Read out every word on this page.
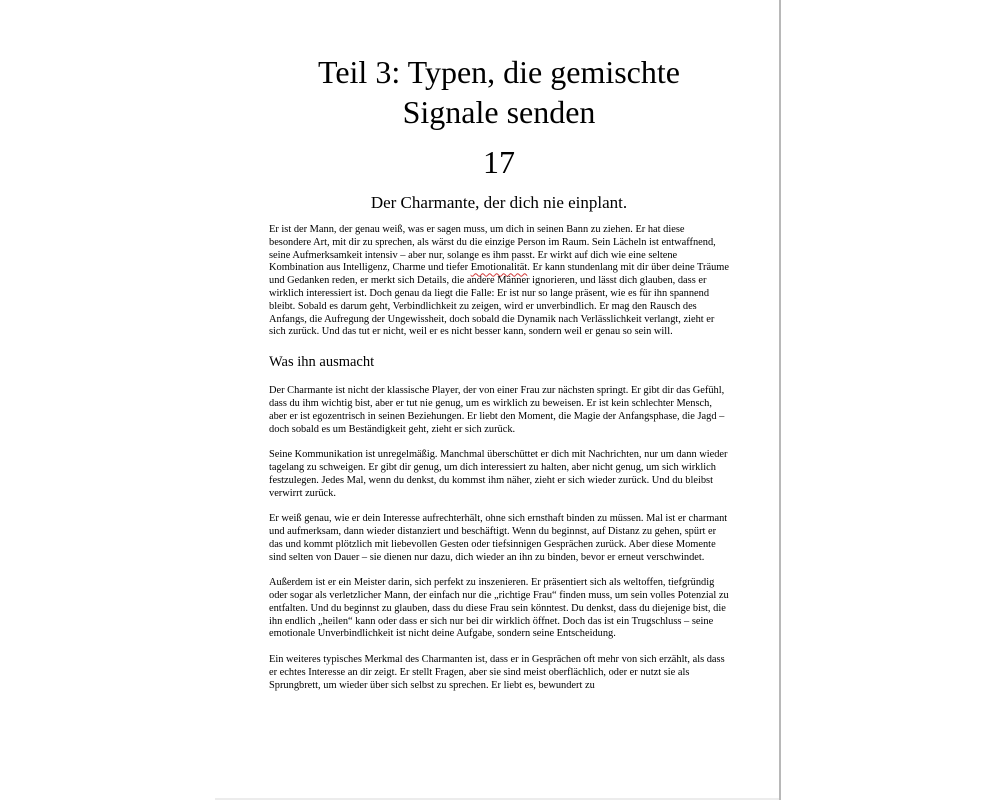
Teil 3: Typen, die gemischte
Signale senden
17
Der Charmante, der dich nie einplant.

Er ist der Mann, der genau weiß, was er sagen muss, um dich in seinen Bann zu ziehen. Er hat diese besondere Art, mit dir zu sprechen, als wärst du die einzige Person im Raum. Sein Lächeln ist entwaffnend, seine Aufmerksamkeit intensiv – aber nur, solange es ihm passt. Er wirkt auf dich wie eine seltene Kombination aus Intelligenz, Charme und tiefer Emotionalität. Er kann stundenlang mit dir über deine Träume und Gedanken reden, er merkt sich Details, die andere Männer ignorieren, und lässt dich glauben, dass er wirklich interessiert ist. Doch genau da liegt die Falle: Er ist nur so lange präsent, wie es für ihn spannend bleibt. Sobald es darum geht, Verbindlichkeit zu zeigen, wird er unverbindlich. Er mag den Rausch des Anfangs, die Aufregung der Ungewissheit, doch sobald die Dynamik nach Verlässlichkeit verlangt, zieht er sich zurück. Und das tut er nicht, weil er es nicht besser kann, sondern weil er genau so sein will.

Was ihn ausmacht

Der Charmante ist nicht der klassische Player, der von einer Frau zur nächsten springt. Er gibt dir das Gefühl, dass du ihm wichtig bist, aber er tut nie genug, um es wirklich zu beweisen. Er ist kein schlechter Mensch, aber er ist egozentrisch in seinen Beziehungen. Er liebt den Moment, die Magie der Anfangsphase, die Jagd – doch sobald es um Beständigkeit geht, zieht er sich zurück.

Seine Kommunikation ist unregelmäßig. Manchmal überschüttet er dich mit Nachrichten, nur um dann wieder tagelang zu schweigen. Er gibt dir genug, um dich interessiert zu halten, aber nicht genug, um sich wirklich festzulegen. Jedes Mal, wenn du denkst, du kommst ihm näher, zieht er sich wieder zurück. Und du bleibst verwirrt zurück.

Er weiß genau, wie er dein Interesse aufrechterhält, ohne sich ernsthaft binden zu müssen. Mal ist er charmant und aufmerksam, dann wieder distanziert und beschäftigt. Wenn du beginnst, auf Distanz zu gehen, spürt er das und kommt plötzlich mit liebevollen Gesten oder tiefsinnigen Gesprächen zurück. Aber diese Momente sind selten von Dauer – sie dienen nur dazu, dich wieder an ihn zu binden, bevor er erneut verschwindet.

Außerdem ist er ein Meister darin, sich perfekt zu inszenieren. Er präsentiert sich als weltoffen, tiefgründig oder sogar als verletzlicher Mann, der einfach nur die „richtige Frau“ finden muss, um sein volles Potenzial zu entfalten. Und du beginnst zu glauben, dass du diese Frau sein könntest. Du denkst, dass du diejenige bist, die ihn endlich „heilen“ kann oder dass er sich nur bei dir wirklich öffnet. Doch das ist ein Trugschluss – seine emotionale Unverbindlichkeit ist nicht deine Aufgabe, sondern seine Entscheidung.

Ein weiteres typisches Merkmal des Charmanten ist, dass er in Gesprächen oft mehr von sich erzählt, als dass er echtes Interesse an dir zeigt. Er stellt Fragen, aber sie sind meist oberflächlich, oder er nutzt sie als Sprungbrett, um wieder über sich selbst zu sprechen. Er liebt es, bewundert zu
